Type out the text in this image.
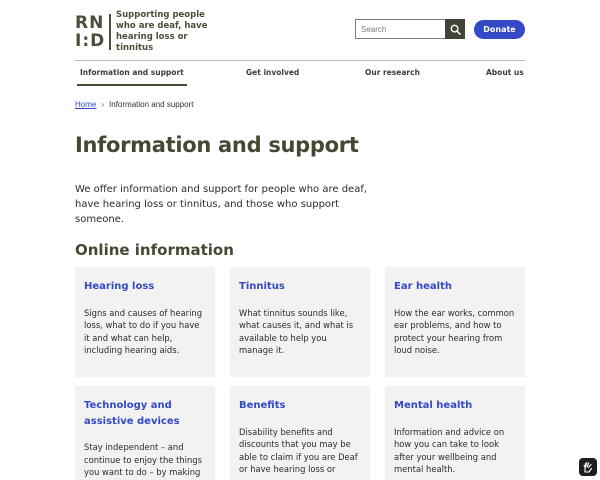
RN
I:D
Supporting people who are deaf, have hearing loss or tinnitus
Search
Donate
Information and support	Get involved	Our research	About us
Home › Information and support
Information and support

We offer information and support for people who are deaf, have hearing loss or tinnitus, and those who support someone.

Online information
Hearing loss
Signs and causes of hearing loss, what to do if you have it and what can help, including hearing aids.
Tinnitus
What tinnitus sounds like, what causes it, and what is available to help you manage it.
Ear health
How the ear works, common ear problems, and how to protect your hearing from loud noise.
Technology and assistive devices
Stay independent – and continue to enjoy the things you want to do – by making
Benefits
Disability benefits and discounts that you may be able to claim if you are Deaf or have hearing loss or
Mental health
Information and advice on how you can take to look after your wellbeing and mental health.
